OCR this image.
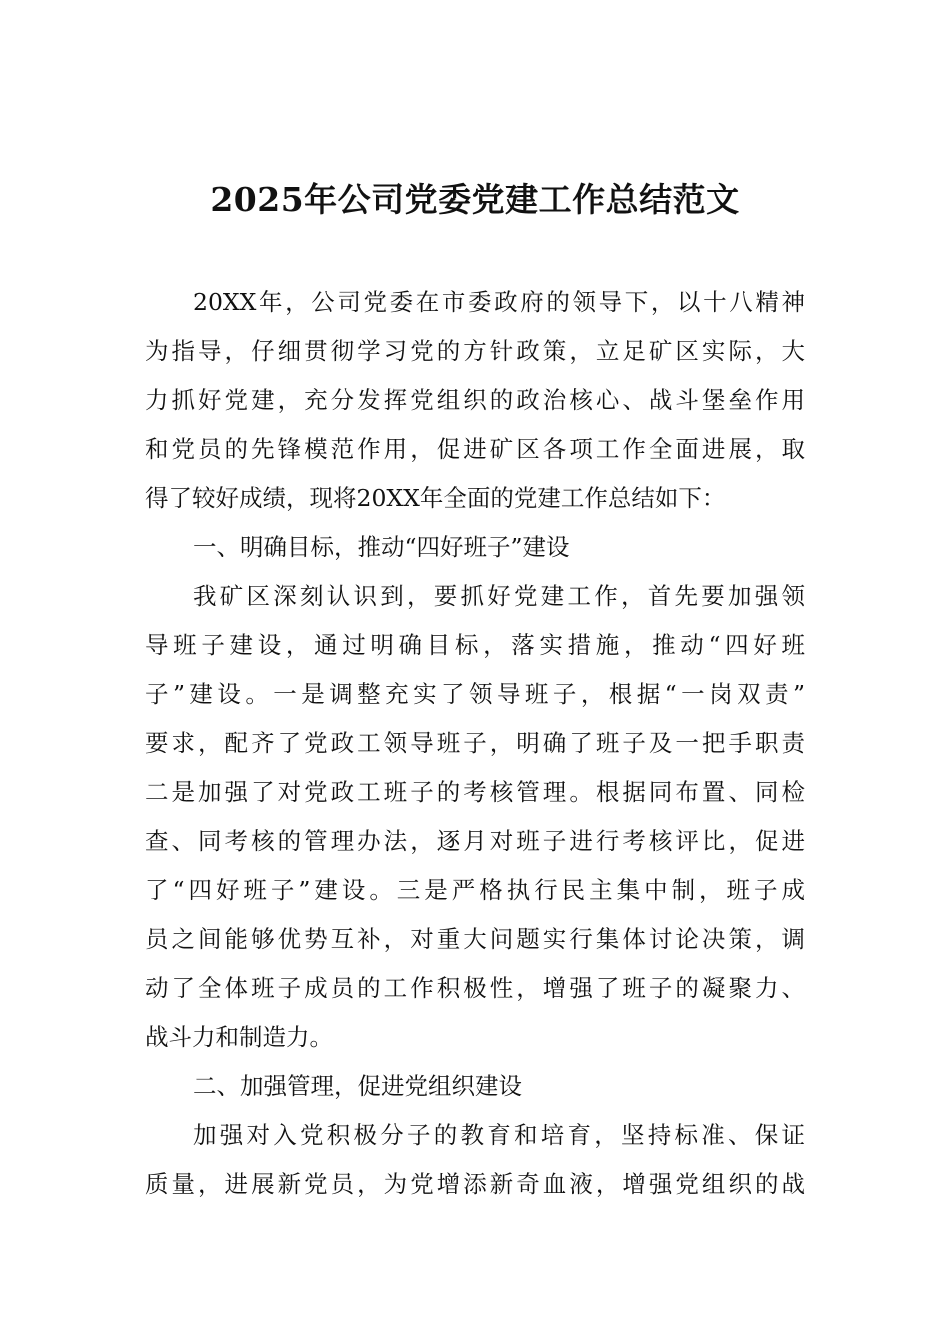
2025年公司党委党建工作总结范文
20XX年，公司党委在市委政府的领导下，以十八精神
为指导，仔细贯彻学习党的方针政策，立足矿区实际，大
力抓好党建，充分发挥党组织的政治核心、战斗堡垒作用
和党员的先锋模范作用，促进矿区各项工作全面进展，取
得了较好成绩，现将20XX年全面的党建工作总结如下：
一、明确目标，推动“四好班子”建设
我矿区深刻认识到，要抓好党建工作，首先要加强领
导班子建设，通过明确目标，落实措施，推动“四好班
子”建设。一是调整充实了领导班子，根据“一岗双责”
要求，配齐了党政工领导班子，明确了班子及一把手职责
二是加强了对党政工班子的考核管理。根据同布置、同检
查、同考核的管理办法，逐月对班子进行考核评比，促进
了“四好班子”建设。三是严格执行民主集中制，班子成
员之间能够优势互补，对重大问题实行集体讨论决策，调
动了全体班子成员的工作积极性，增强了班子的凝聚力、
战斗力和制造力。
二、加强管理，促进党组织建设
加强对入党积极分子的教育和培育，坚持标准、保证
质量，进展新党员，为党增添新奇血液，增强党组织的战
